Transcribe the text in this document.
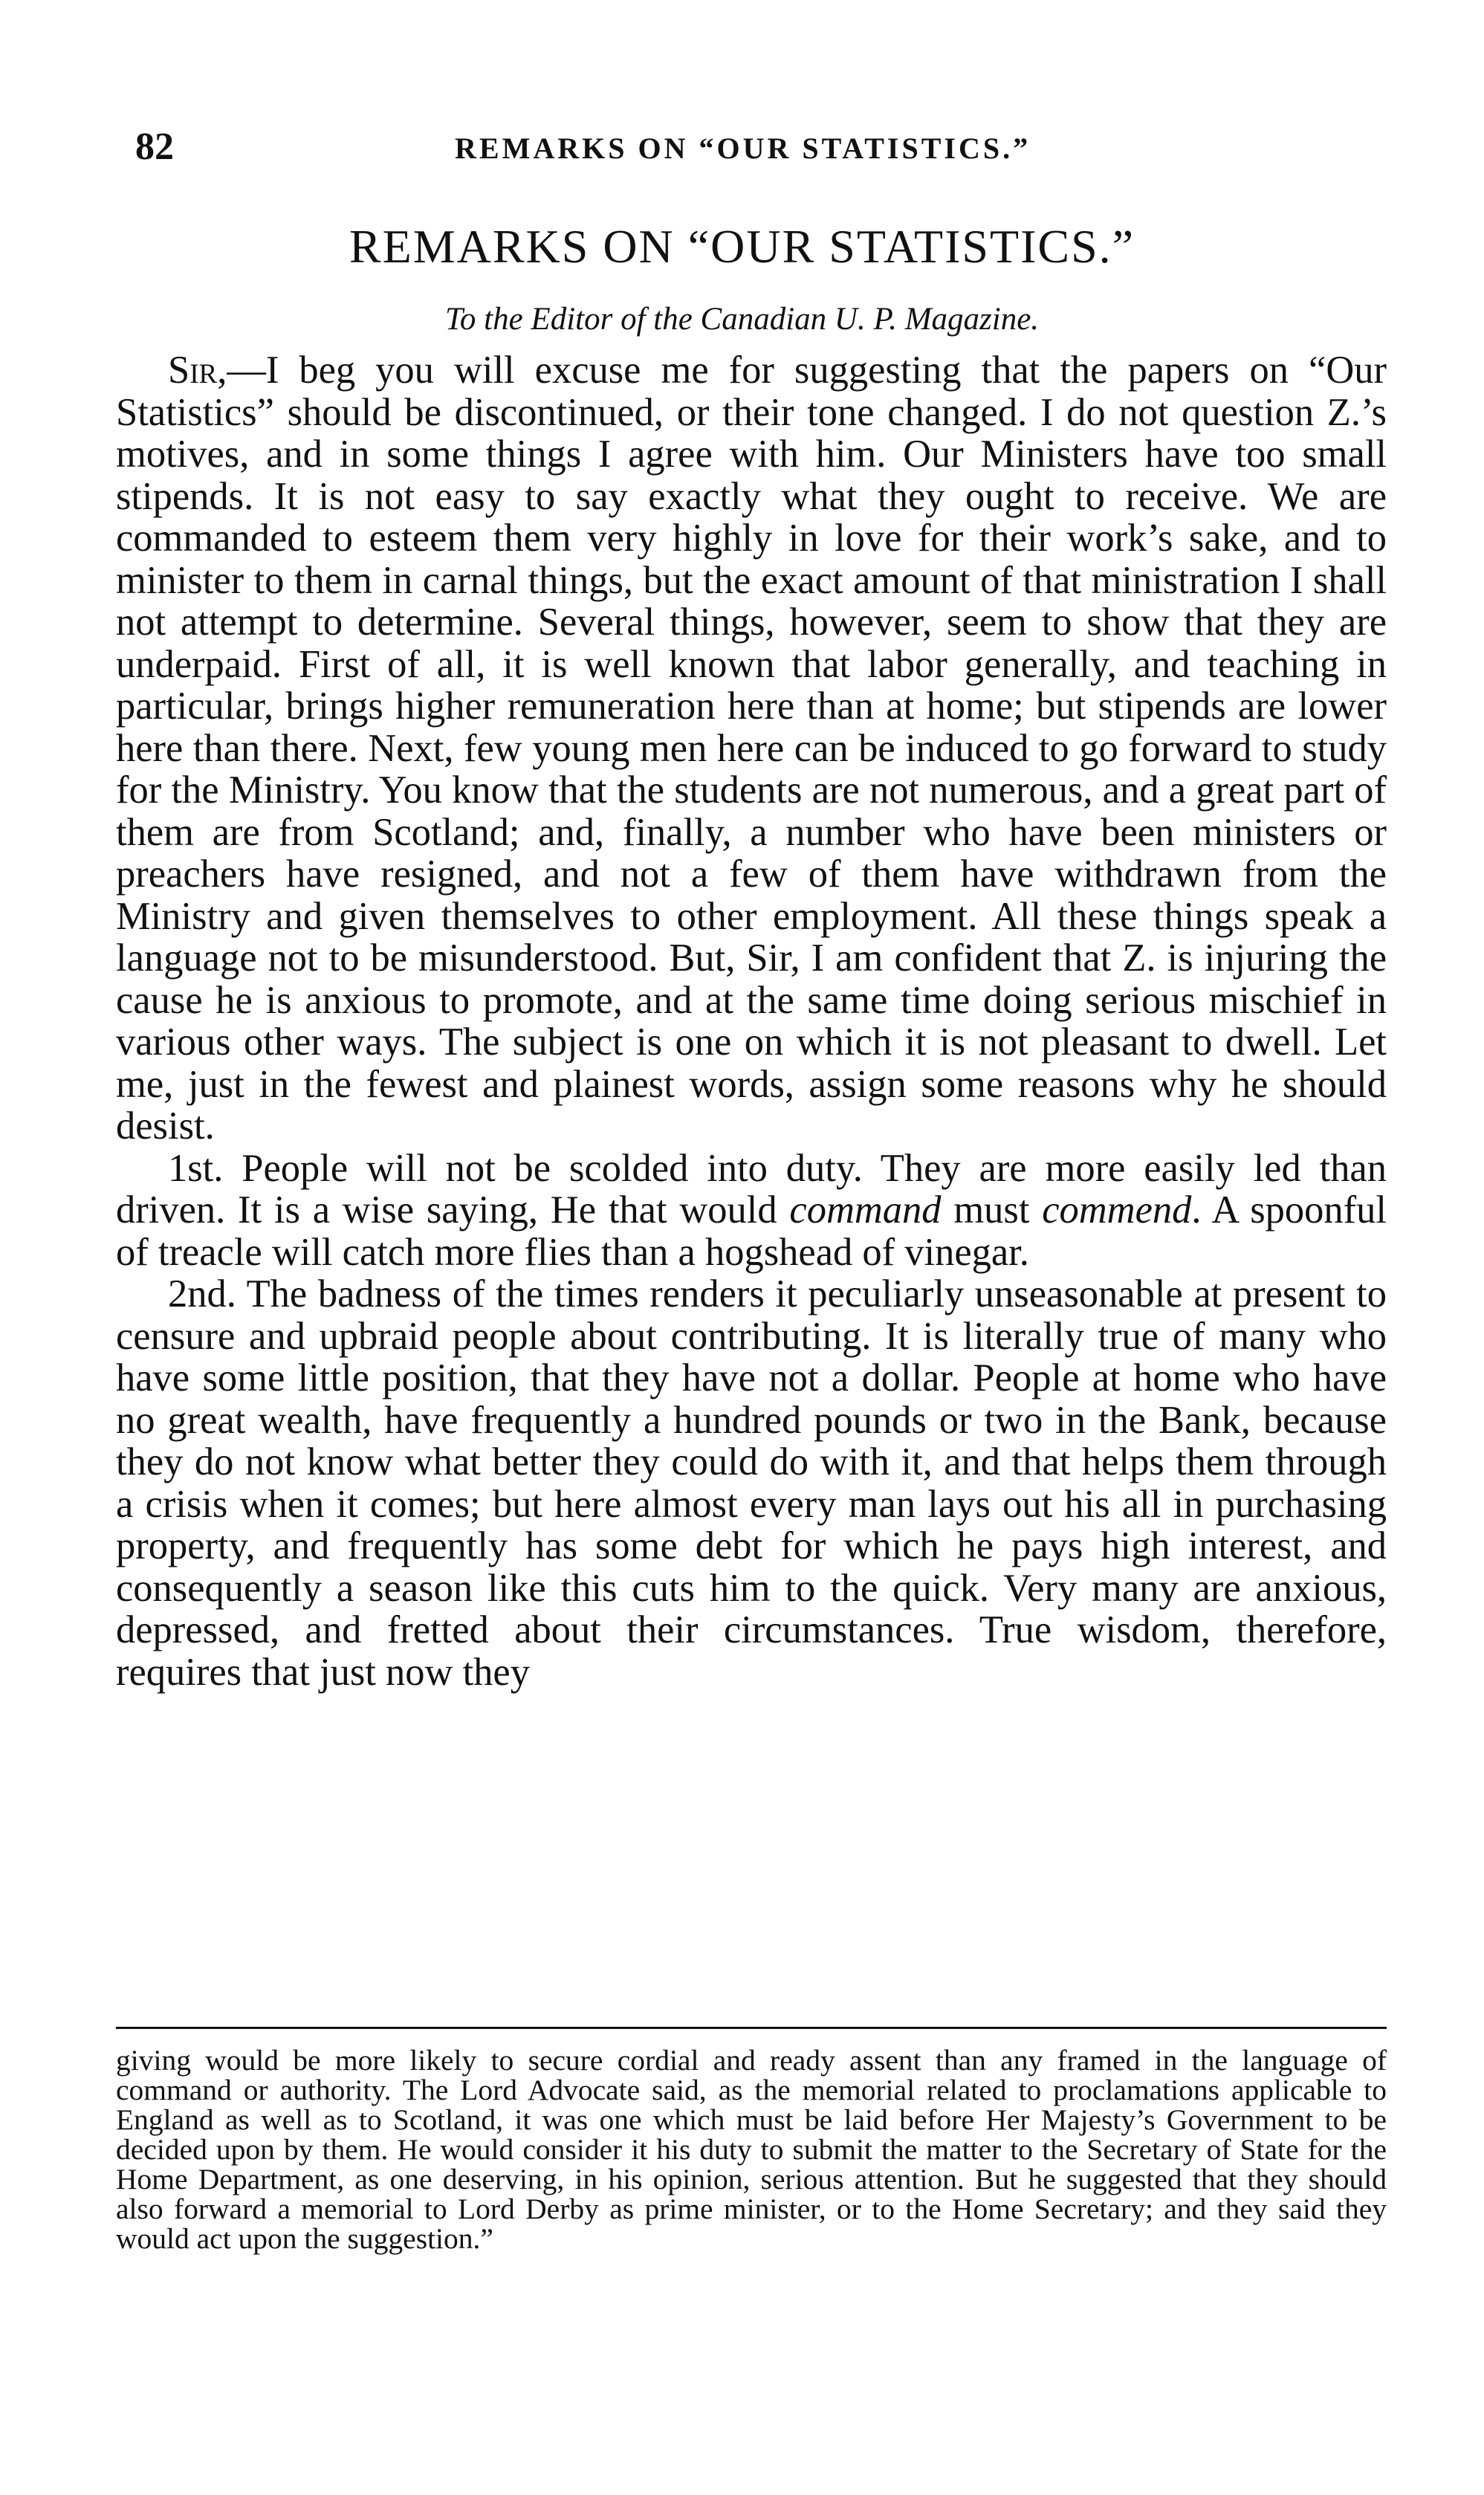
82	REMARKS ON “OUR STATISTICS.”
REMARKS ON “OUR STATISTICS.”
To the Editor of the Canadian U. P. Magazine.

Sir,—I beg you will excuse me for suggesting that the papers on “Our Statistics” should be discontinued, or their tone changed. I do not question Z.’s motives, and in some things I agree with him. Our Ministers have too small stipends. It is not easy to say exactly what they ought to receive. We are commanded to esteem them very highly in love for their work’s sake, and to minister to them in carnal things, but the exact amount of that ministration I shall not attempt to determine. Several things, however, seem to show that they are underpaid. First of all, it is well known that labor generally, and teaching in particular, brings higher remuneration here than at home; but stipends are lower here than there. Next, few young men here can be induced to go forward to study for the Ministry. You know that the students are not numerous, and a great part of them are from Scotland; and, finally, a number who have been ministers or preachers have resigned, and not a few of them have withdrawn from the Ministry and given themselves to other employment. All these things speak a language not to be misunderstood. But, Sir, I am confident that Z. is injuring the cause he is anxious to promote, and at the same time doing serious mischief in various other ways. The subject is one on which it is not pleasant to dwell. Let me, just in the fewest and plainest words, assign some reasons why he should desist.

1st. People will not be scolded into duty. They are more easily led than driven. It is a wise saying, He that would command must commend. A spoonful of treacle will catch more flies than a hogshead of vinegar.

2nd. The badness of the times renders it peculiarly unseasonable at present to censure and upbraid people about contributing. It is literally true of many who have some little position, that they have not a dollar. People at home who have no great wealth, have frequently a hundred pounds or two in the Bank, because they do not know what better they could do with it, and that helps them through a crisis when it comes; but here almost every man lays out his all in purchasing property, and frequently has some debt for which he pays high interest, and consequently a season like this cuts him to the quick. Very many are anxious, depressed, and fretted about their circumstances. True wisdom, therefore, requires that just now they

giving would be more likely to secure cordial and ready assent than any framed in the language of command or authority. The Lord Advocate said, as the memorial related to proclamations applicable to England as well as to Scotland, it was one which must be laid before Her Majesty’s Government to be decided upon by them. He would consider it his duty to submit the matter to the Secretary of State for the Home Department, as one deserving, in his opinion, serious attention. But he suggested that they should also forward a memorial to Lord Derby as prime minister, or to the Home Secretary; and they said they would act upon the suggestion.”
